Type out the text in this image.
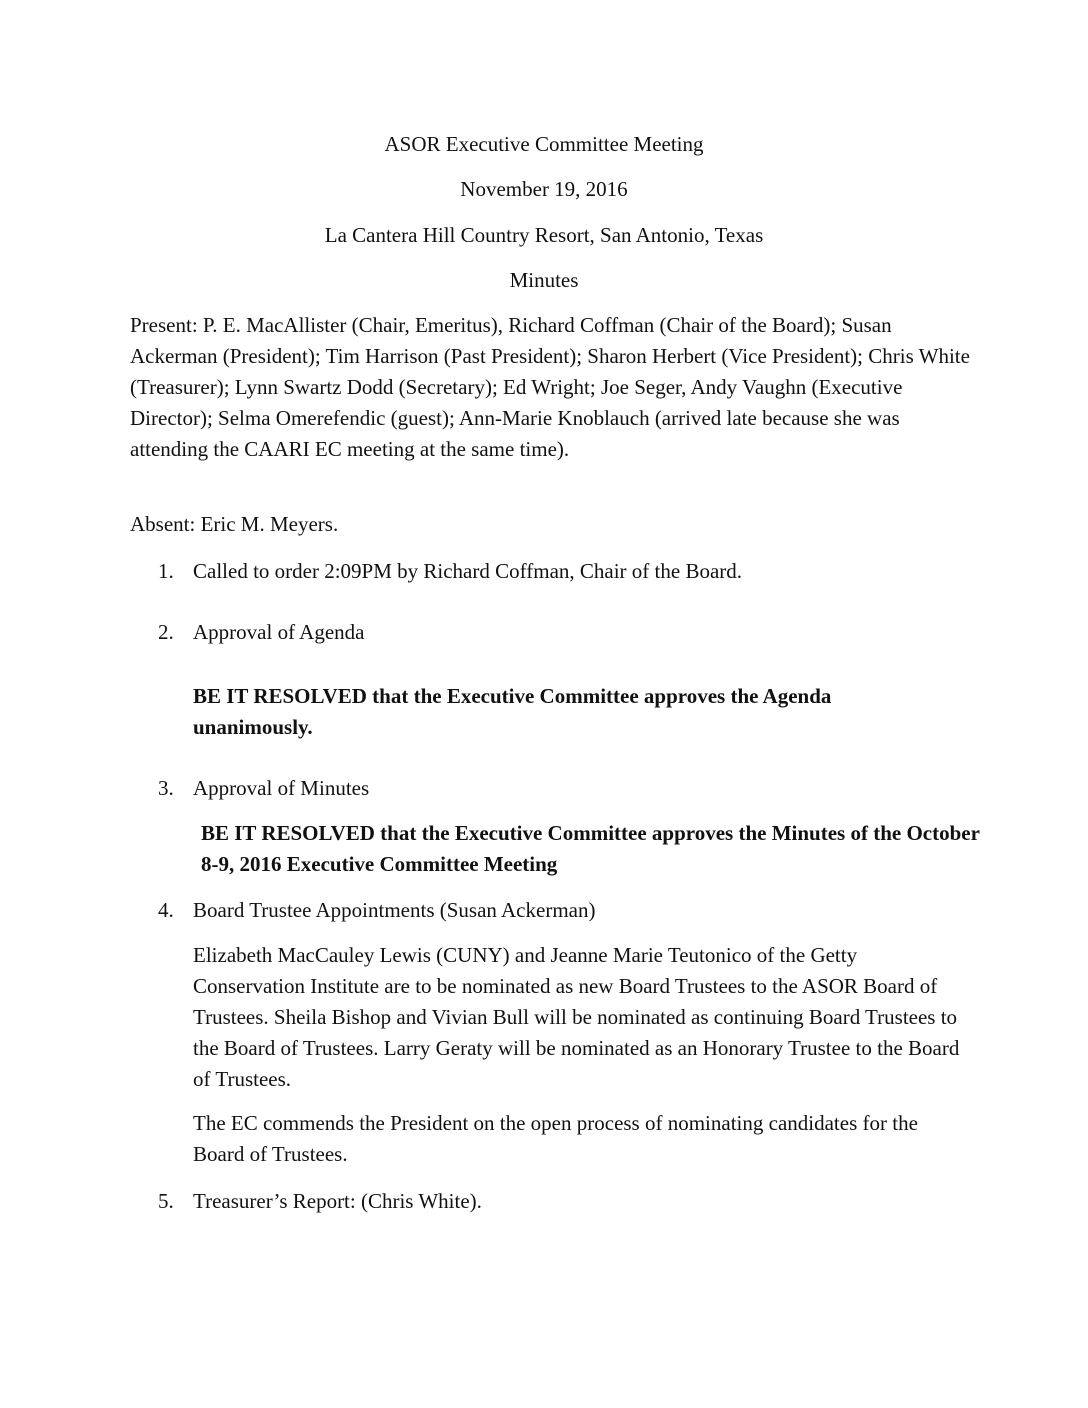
ASOR Executive Committee Meeting

November 19, 2016

La Cantera Hill Country Resort, San Antonio, Texas

Minutes

Present: P. E. MacAllister (Chair, Emeritus), Richard Coffman (Chair of the Board); Susan Ackerman (President); Tim Harrison (Past President); Sharon Herbert (Vice President); Chris White (Treasurer); Lynn Swartz Dodd (Secretary); Ed Wright; Joe Seger, Andy Vaughn (Executive Director); Selma Omerefendic (guest); Ann-Marie Knoblauch (arrived late because she was attending the CAARI EC meeting at the same time).

Absent: Eric M. Meyers.

1. Called to order 2:09PM by Richard Coffman, Chair of the Board.

2. Approval of Agenda

BE IT RESOLVED that the Executive Committee approves the Agenda unanimously.

3. Approval of Minutes

BE IT RESOLVED that the Executive Committee approves the Minutes of the October 8-9, 2016 Executive Committee Meeting

4. Board Trustee Appointments (Susan Ackerman)

Elizabeth MacCauley Lewis (CUNY) and Jeanne Marie Teutonico of the Getty Conservation Institute are to be nominated as new Board Trustees to the ASOR Board of Trustees. Sheila Bishop and Vivian Bull will be nominated as continuing Board Trustees to the Board of Trustees. Larry Geraty will be nominated as an Honorary Trustee to the Board of Trustees.

The EC commends the President on the open process of nominating candidates for the Board of Trustees.

5. Treasurer’s Report: (Chris White).
